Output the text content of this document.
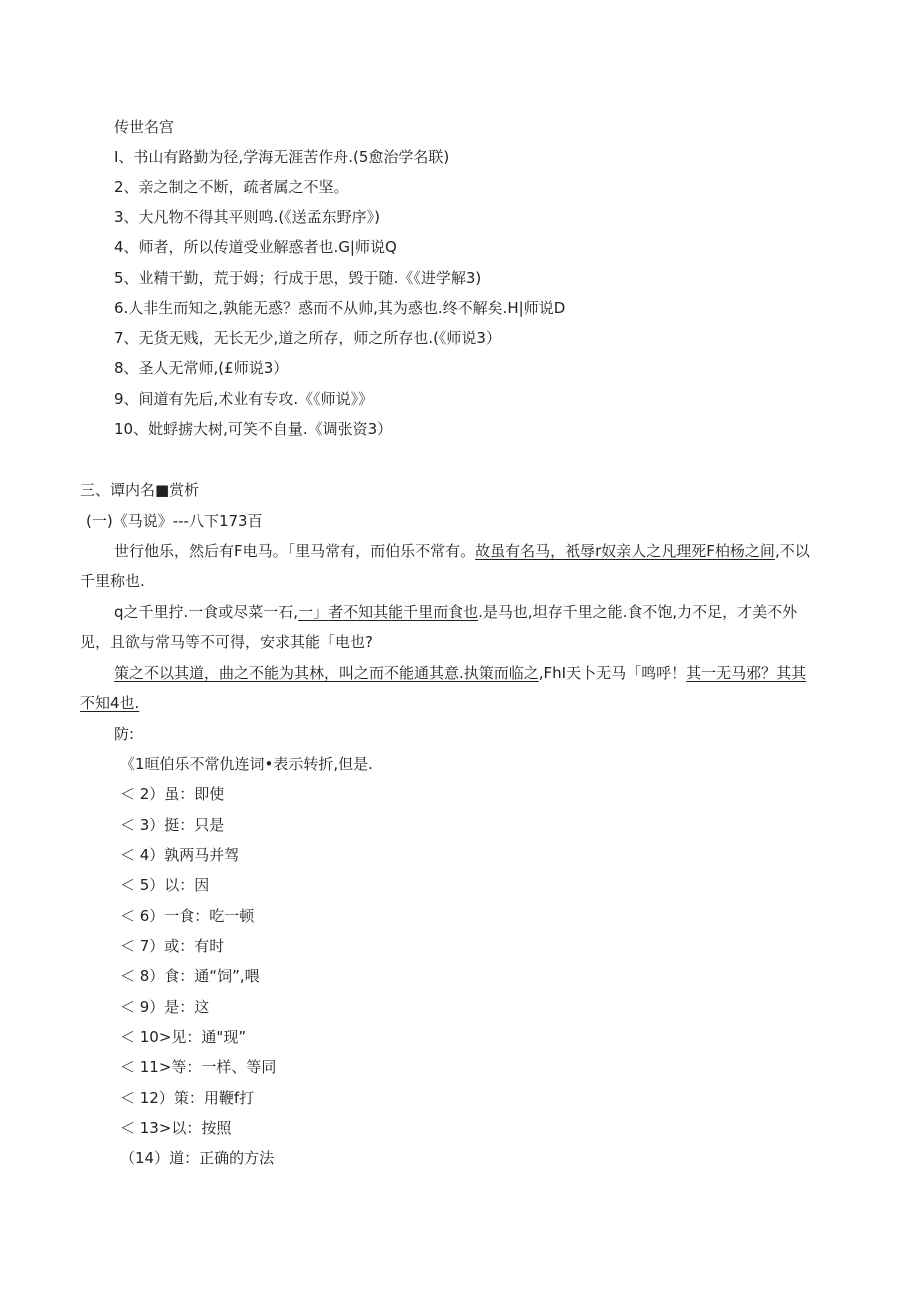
传世名宫
I、书山有路勤为径,学海无涯苦作舟.(5愈治学名联)
2、亲之制之不断，疏者属之不坚。
3、大凡物不得其平则鸣.(《送孟东野序》)
4、师者，所以传道受业解惑者也.G|师说Q
5、业精干勤，荒于姆；行成于思，毁于随.《《进学解3)
6.人非生而知之,孰能无惑？惑而不从帅,其为惑也.终不解矣.H|师说D
7、无货无贱，无长无少,道之所存，师之所存也.(《师说3）
8、圣人无常师,(£师说3）
9、间道有先后,术业有专攻.《《师说》》
10、妣蜉掳大树,可笑不自量.《调张资3）
三、谭内名■赏析
(一)《马说》---八下173百
世行他乐，然后有F电马。「里马常有，而伯乐不常有。故虽有名马，衹辱r奴亲人之凡理死F柏杨之间,不以
千里称也.
q之千里拧.一食或尽菜一石,一」者不知其能千里而食也.是马也,坦存千里之能.食不饱,力不足，才美不外
见，且欲与常马等不可得，安求其能「电也?
策之不以其道，曲之不能为其林，叫之而不能通其意.执策而临之,FhI天卜无马「鸣呼！其一无马邪？其其
不知4也.
防:
《1晅伯乐不常仇连词•表示转折,但是.
＜ 2）虽：即使
＜ 3）挺：只是
＜ 4）孰两马并驾
＜ 5）以：因
＜ 6）一食：吃一顿
＜ 7）或：有时
＜ 8）食：通“饲”,喂
＜ 9）是：这
＜ 10>见：通"现”
＜ 11>等：一样、等同
＜ 12）策：用鞭f打
＜ 13>以：按照
（14）道：正确的方法
